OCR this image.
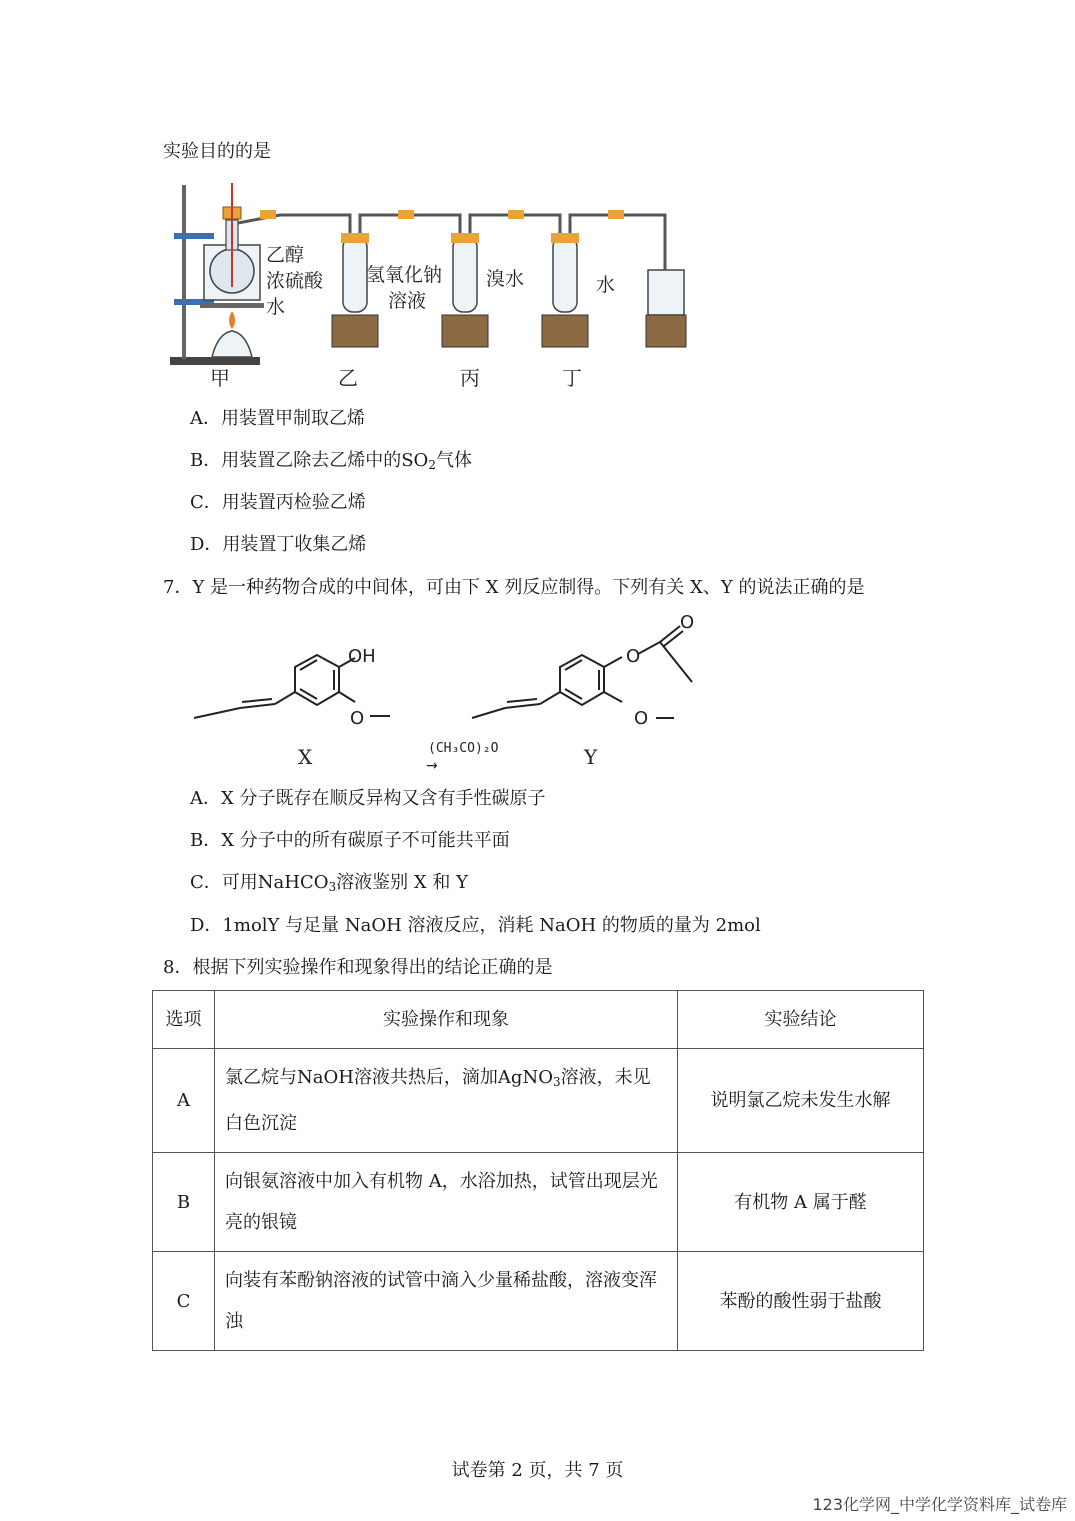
实验目的的是
乙醇
浓硫酸
水
氢氧化钠
溶液
溴水	水
甲	乙	丙	丁
A．用装置甲制取乙烯
B．用装置乙除去乙烯中的$SO_2$气体
C．用装置丙检验乙烯
D．用装置丁收集乙烯
7．Y 是一种药物合成的中间体，可由下 X 列反应制得。下列有关 X、Y 的说法正确的是
OH
O
X	(CH₃CO)₂O
→
O
O
O
Y
A．X 分子既存在顺反异构又含有手性碳原子
B．X 分子中的所有碳原子不可能共平面
C．可用NaHCO$_3$溶液鉴别 X 和 Y
D．1molY 与足量 NaOH 溶液反应，消耗 NaOH 的物质的量为 2mol
8．根据下列实验操作和现象得出的结论正确的是
选项	实验操作和现象	实验结论
A	氯乙烷与NaOH溶液共热后，滴加AgNO$_3$溶液，未见白色沉淀	说明氯乙烷未发生水解
B	向银氨溶液中加入有机物 A，水浴加热，试管出现层光亮的银镜	有机物 A 属于醛
C	向装有苯酚钠溶液的试管中滴入少量稀盐酸，溶液变浑浊	苯酚的酸性弱于盐酸
试卷第 2 页，共 7 页
123化学网_中学化学资料库_试卷库
